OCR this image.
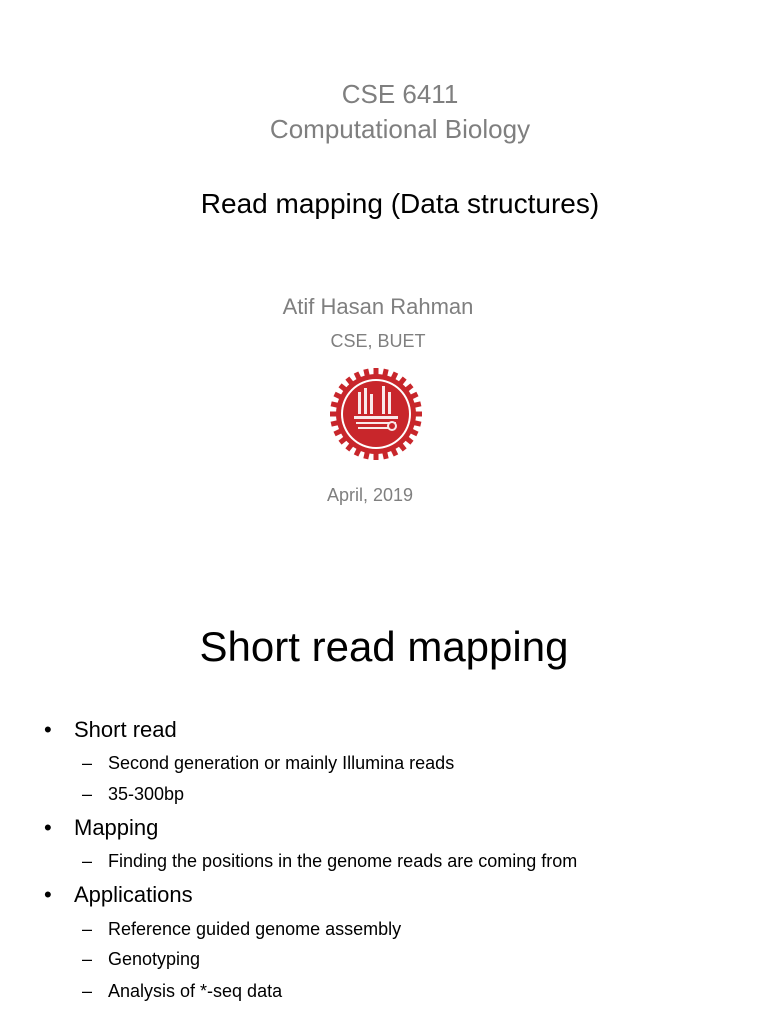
CSE 6411
Computational Biology
Read mapping (Data structures)
Atif Hasan Rahman
CSE, BUET
April, 2019
Short read mapping
• Short read
– Second generation or mainly Illumina reads
– 35-300bp
• Mapping
– Finding the positions in the genome reads are coming from
• Applications
– Reference guided genome assembly
– Genotyping
– Analysis of *-seq data
